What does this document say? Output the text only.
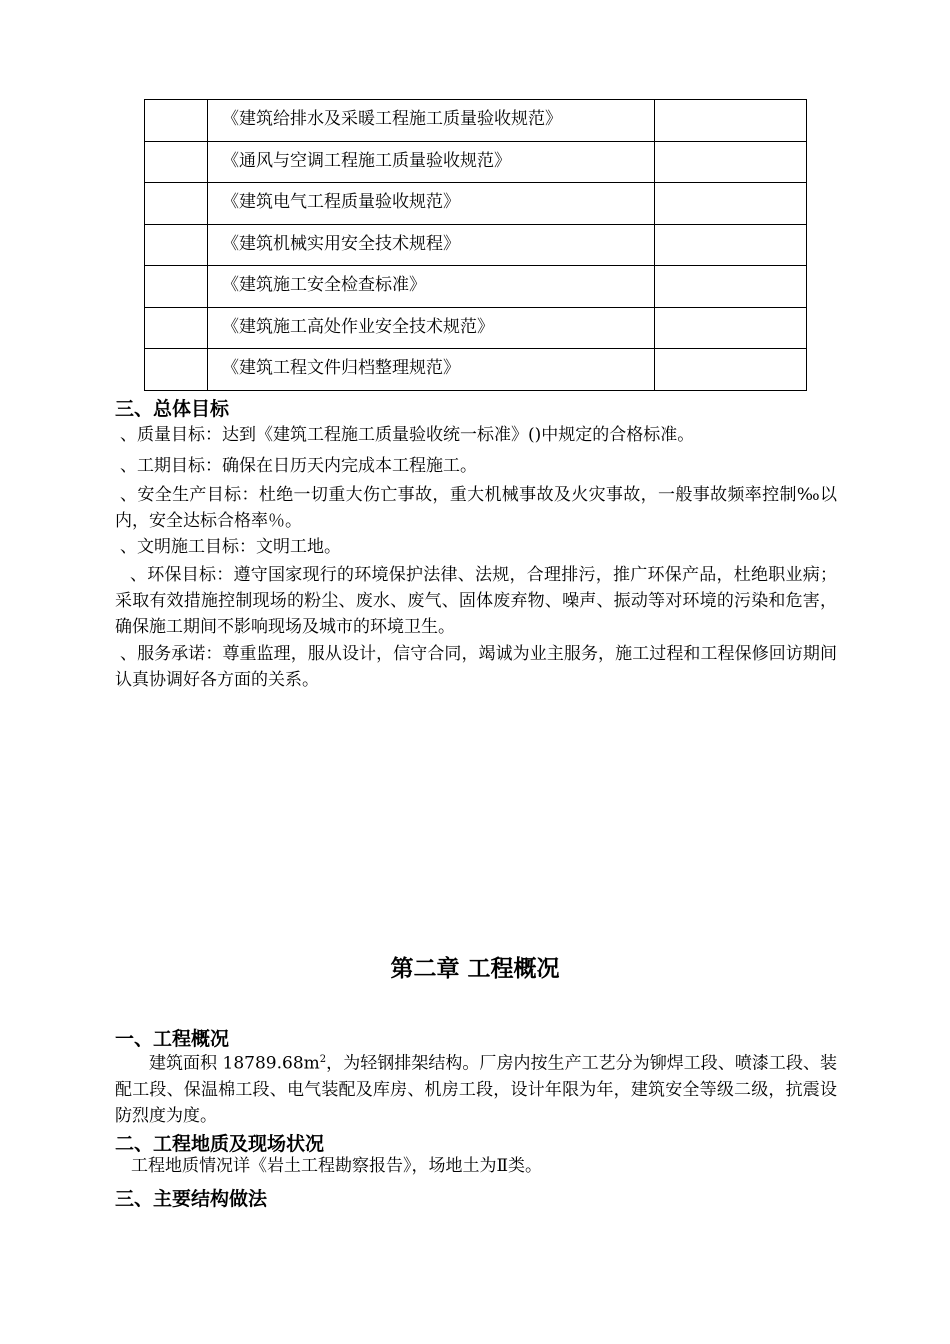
	《建筑给排水及采暖工程施工质量验收规范》	
	《通风与空调工程施工质量验收规范》	
	《建筑电气工程质量验收规范》	
	《建筑机械实用安全技术规程》	
	《建筑施工安全检查标准》	
	《建筑施工高处作业安全技术规范》	
	《建筑工程文件归档整理规范》	
三、总体目标
、质量目标：达到《建筑工程施工质量验收统一标准》()中规定的合格标准。
、工期目标：确保在日历天内完成本工程施工。
、安全生产目标：杜绝一切重大伤亡事故，重大机械事故及火灾事故，一般事故频率控制‰以内，安全达标合格率％。
、文明施工目标：文明工地。
、环保目标：遵守国家现行的环境保护法律、法规，合理排污，推广环保产品，杜绝职业病；采取有效措施控制现场的粉尘、废水、废气、固体废弃物、噪声、振动等对环境的污染和危害，确保施工期间不影响现场及城市的环境卫生。
、服务承诺：尊重监理，服从设计，信守合同，竭诚为业主服务，施工过程和工程保修回访期间认真协调好各方面的关系。
第二章 工程概况
一、工程概况
建筑面积 $18789.68m^2$，为轻钢排架结构。厂房内按生产工艺分为铆焊工段、喷漆工段、装配工段、保温棉工段、电气装配及库房、机房工段，设计年限为年，建筑安全等级二级，抗震设防烈度为度。
二、工程地质及现场状况
工程地质情况详《岩土工程勘察报告》，场地土为Ⅱ类。
三、主要结构做法
